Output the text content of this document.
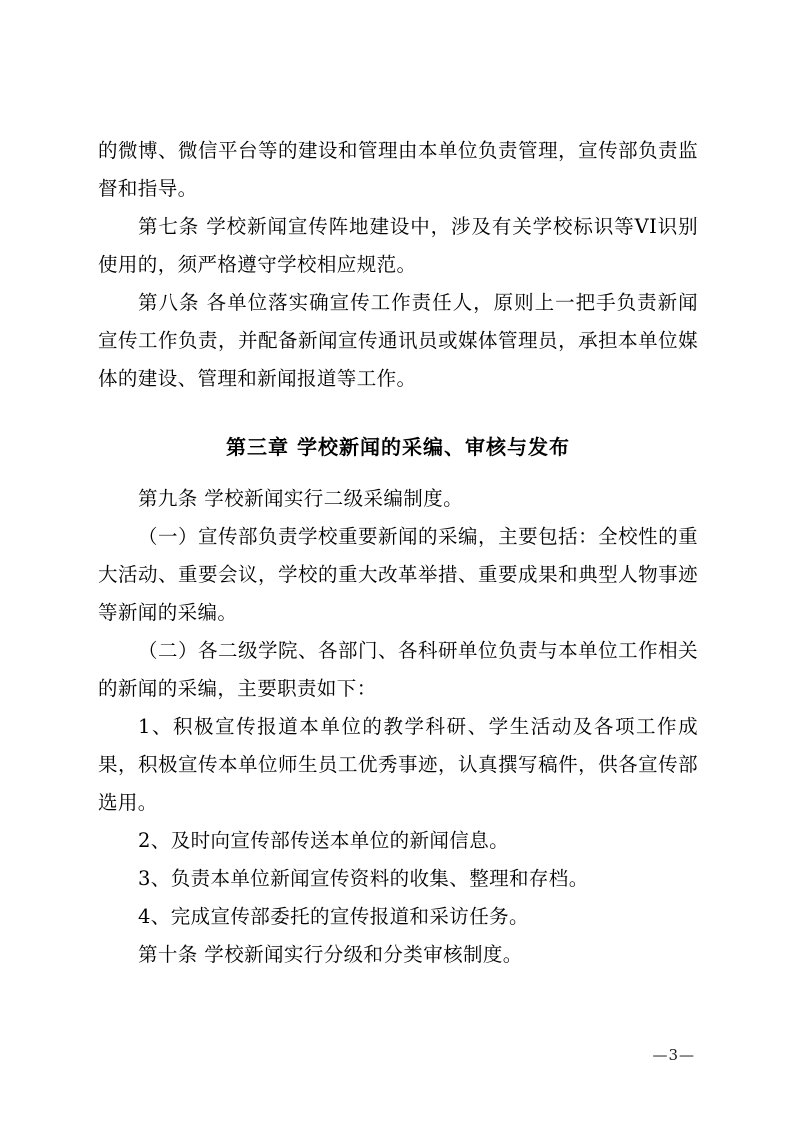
的微博、微信平台等的建设和管理由本单位负责管理，宣传部负责监督和指导。

第七条 学校新闻宣传阵地建设中，涉及有关学校标识等VI识别使用的，须严格遵守学校相应规范。

第八条 各单位落实确宣传工作责任人，原则上一把手负责新闻宣传工作负责，并配备新闻宣传通讯员或媒体管理员，承担本单位媒体的建设、管理和新闻报道等工作。

第三章 学校新闻的采编、审核与发布

第九条 学校新闻实行二级采编制度。

（一）宣传部负责学校重要新闻的采编，主要包括：全校性的重大活动、重要会议，学校的重大改革举措、重要成果和典型人物事迹等新闻的采编。

（二）各二级学院、各部门、各科研单位负责与本单位工作相关的新闻的采编，主要职责如下：

1、积极宣传报道本单位的教学科研、学生活动及各项工作成果，积极宣传本单位师生员工优秀事迹，认真撰写稿件，供各宣传部选用。

2、及时向宣传部传送本单位的新闻信息。

3、负责本单位新闻宣传资料的收集、整理和存档。

4、完成宣传部委托的宣传报道和采访任务。

第十条 学校新闻实行分级和分类审核制度。

—3—
